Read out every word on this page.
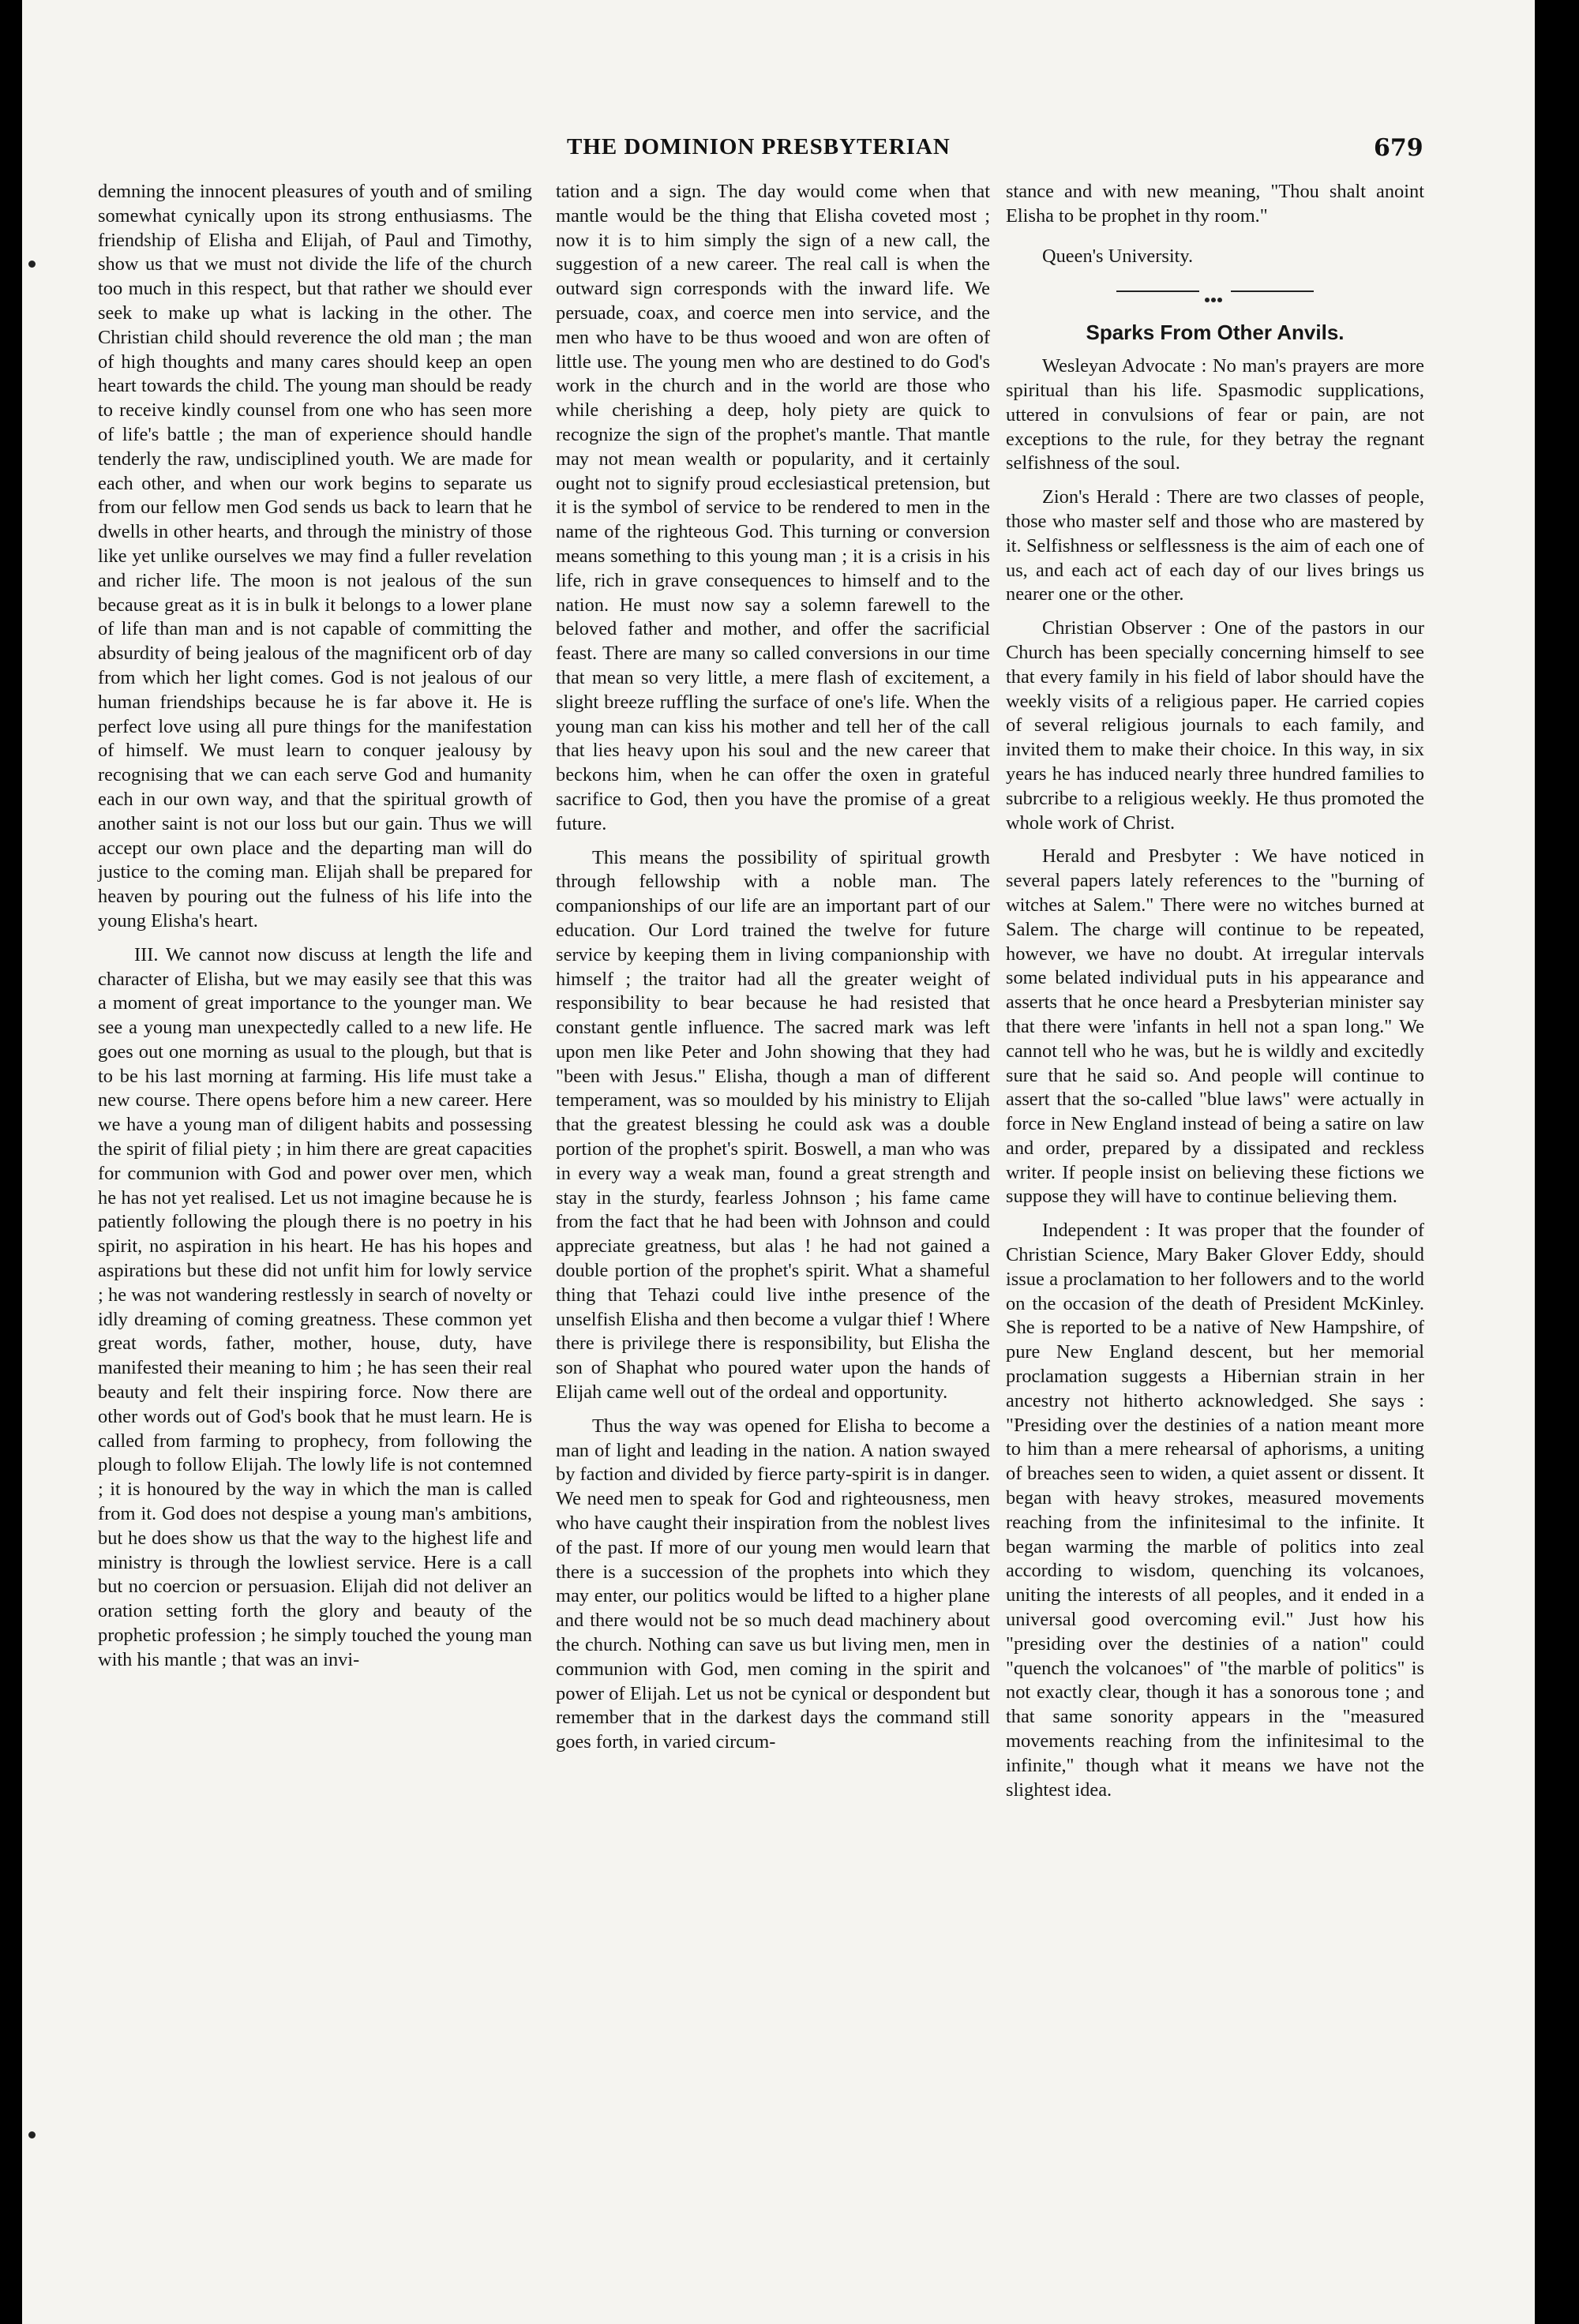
THE DOMINION PRESBYTERIAN	679

demning the innocent pleasures of youth and of smiling somewhat cynically upon its strong enthusiasms. The friendship of Elisha and Elijah, of Paul and Timothy, show us that we must not divide the life of the church too much in this respect, but that rather we should ever seek to make up what is lacking in the other. The Christian child should reverence the old man ; the man of high thoughts and many cares should keep an open heart towards the child. The young man should be ready to receive kindly counsel from one who has seen more of life's battle ; the man of experience should handle tenderly the raw, undisciplined youth. We are made for each other, and when our work begins to separate us from our fellow men God sends us back to learn that he dwells in other hearts, and through the ministry of those like yet unlike ourselves we may find a fuller revelation and richer life. The moon is not jealous of the sun because great as it is in bulk it belongs to a lower plane of life than man and is not capable of committing the absurdity of being jealous of the magnificent orb of day from which her light comes. God is not jealous of our human friendships because he is far above it. He is perfect love using all pure things for the manifestation of himself. We must learn to conquer jealousy by recognising that we can each serve God and humanity each in our own way, and that the spiritual growth of another saint is not our loss but our gain. Thus we will accept our own place and the departing man will do justice to the coming man. Elijah shall be prepared for heaven by pouring out the fulness of his life into the young Elisha's heart.

III. We cannot now discuss at length the life and character of Elisha, but we may easily see that this was a moment of great importance to the younger man. We see a young man unexpectedly called to a new life. He goes out one morning as usual to the plough, but that is to be his last morning at farming. His life must take a new course. There opens before him a new career. Here we have a young man of diligent habits and possessing the spirit of filial piety ; in him there are great capacities for communion with God and power over men, which he has not yet realised. Let us not imagine because he is patiently following the plough there is no poetry in his spirit, no aspiration in his heart. He has his hopes and aspirations but these did not unfit him for lowly service ; he was not wandering restlessly in search of novelty or idly dreaming of coming greatness. These common yet great words, father, mother, house, duty, have manifested their meaning to him ; he has seen their real beauty and felt their inspiring force. Now there are other words out of God's book that he must learn. He is called from farming to prophecy, from following the plough to follow Elijah. The lowly life is not contemned ; it is honoured by the way in which the man is called from it. God does not despise a young man's ambitions, but he does show us that the way to the highest life and ministry is through the lowliest service. Here is a call but no coercion or persuasion. Elijah did not deliver an oration setting forth the glory and beauty of the prophetic profession ; he simply touched the young man with his mantle ; that was an invi-

tation and a sign. The day would come when that mantle would be the thing that Elisha coveted most ; now it is to him simply the sign of a new call, the suggestion of a new career. The real call is when the outward sign corresponds with the inward life. We persuade, coax, and coerce men into service, and the men who have to be thus wooed and won are often of little use. The young men who are destined to do God's work in the church and in the world are those who while cherishing a deep, holy piety are quick to recognize the sign of the prophet's mantle. That mantle may not mean wealth or popularity, and it certainly ought not to signify proud ecclesiastical pretension, but it is the symbol of service to be rendered to men in the name of the righteous God. This turning or conversion means something to this young man ; it is a crisis in his life, rich in grave consequences to himself and to the nation. He must now say a solemn farewell to the beloved father and mother, and offer the sacrificial feast. There are many so called conversions in our time that mean so very little, a mere flash of excitement, a slight breeze ruffling the surface of one's life. When the young man can kiss his mother and tell her of the call that lies heavy upon his soul and the new career that beckons him, when he can offer the oxen in grateful sacrifice to God, then you have the promise of a great future.

This means the possibility of spiritual growth through fellowship with a noble man. The companionships of our life are an important part of our education. Our Lord trained the twelve for future service by keeping them in living companionship with himself ; the traitor had all the greater weight of responsibility to bear because he had resisted that constant gentle influence. The sacred mark was left upon men like Peter and John showing that they had "been with Jesus." Elisha, though a man of different temperament, was so moulded by his ministry to Elijah that the greatest blessing he could ask was a double portion of the prophet's spirit. Boswell, a man who was in every way a weak man, found a great strength and stay in the sturdy, fearless Johnson ; his fame came from the fact that he had been with Johnson and could appreciate greatness, but alas ! he had not gained a double portion of the prophet's spirit. What a shameful thing that Tehazi could live inthe presence of the unselfish Elisha and then become a vulgar thief ! Where there is privilege there is responsibility, but Elisha the son of Shaphat who poured water upon the hands of Elijah came well out of the ordeal and opportunity.

Thus the way was opened for Elisha to become a man of light and leading in the nation. A nation swayed by faction and divided by fierce party-spirit is in danger. We need men to speak for God and righteousness, men who have caught their inspiration from the noblest lives of the past. If more of our young men would learn that there is a succession of the prophets into which they may enter, our politics would be lifted to a higher plane and there would not be so much dead machinery about the church. Nothing can save us but living men, men in communion with God, men coming in the spirit and power of Elijah. Let us not be cynical or despondent but remember that in the darkest days the command still goes forth, in varied circum-

stance and with new meaning, "Thou shalt anoint Elisha to be prophet in thy room."

Queen's University.

Sparks From Other Anvils.

Wesleyan Advocate : No man's prayers are more spiritual than his life. Spasmodic supplications, uttered in convulsions of fear or pain, are not exceptions to the rule, for they betray the regnant selfishness of the soul.

Zion's Herald : There are two classes of people, those who master self and those who are mastered by it. Selfishness or selflessness is the aim of each one of us, and each act of each day of our lives brings us nearer one or the other.

Christian Observer : One of the pastors in our Church has been specially concerning himself to see that every family in his field of labor should have the weekly visits of a religious paper. He carried copies of several religious journals to each family, and invited them to make their choice. In this way, in six years he has induced nearly three hundred families to subrcribe to a religious weekly. He thus promoted the whole work of Christ.

Herald and Presbyter : We have noticed in several papers lately references to the "burning of witches at Salem." There were no witches burned at Salem. The charge will continue to be repeated, however, we have no doubt. At irregular intervals some belated individual puts in his appearance and asserts that he once heard a Presbyterian minister say that there were 'infants in hell not a span long." We cannot tell who he was, but he is wildly and excitedly sure that he said so. And people will continue to assert that the so-called "blue laws" were actually in force in New England instead of being a satire on law and order, prepared by a dissipated and reckless writer. If people insist on believing these fictions we suppose they will have to continue believing them.

Independent : It was proper that the founder of Christian Science, Mary Baker Glover Eddy, should issue a proclamation to her followers and to the world on the occasion of the death of President McKinley. She is reported to be a native of New Hampshire, of pure New England descent, but her memorial proclamation suggests a Hibernian strain in her ancestry not hitherto acknowledged. She says : "Presiding over the destinies of a nation meant more to him than a mere rehearsal of aphorisms, a uniting of breaches seen to widen, a quiet assent or dissent. It began with heavy strokes, measured movements reaching from the infinitesimal to the infinite. It began warming the marble of politics into zeal according to wisdom, quenching its volcanoes, uniting the interests of all peoples, and it ended in a universal good overcoming evil." Just how his "presiding over the destinies of a nation" could "quench the volcanoes" of "the marble of politics" is not exactly clear, though it has a sonorous tone ; and that same sonority appears in the "measured movements reaching from the infinitesimal to the infinite," though what it means we have not the slightest idea.
